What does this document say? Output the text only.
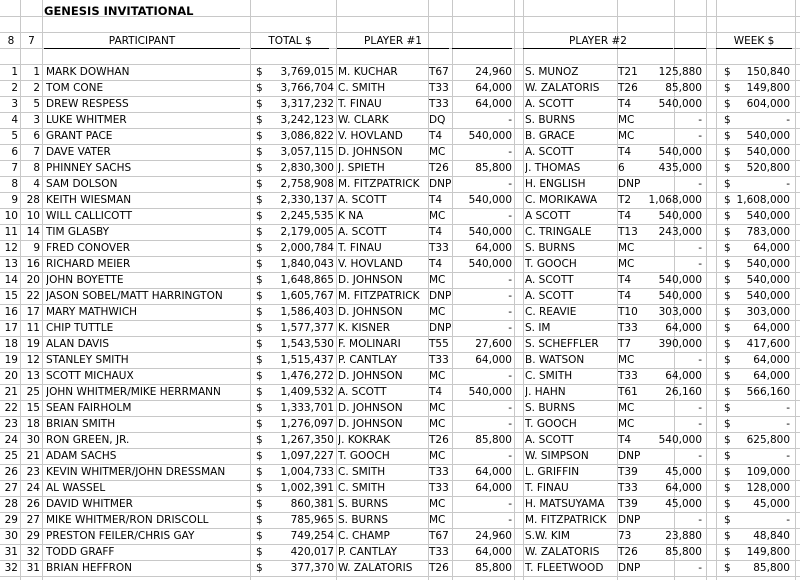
GENESIS INVITATIONAL
8	7	PARTICIPANT	TOTAL $	PLAYER #1	PLAYER #2	WEEK $
1	1 MARK DOWHAN	$	3,769,015 M. KUCHAR	T67	24,960 S. MUNOZ	T21	125,880 $	150,840
2	2 TOM CONE	$	3,766,704 C. SMITH	T33	64,000 W. ZALATORIS	T26	85,800 $	149,800
3	5 DREW RESPESS	$	3,317,232 T. FINAU	T33	64,000 A. SCOTT	T4	540,000 $	604,000
4	3 LUKE WHITMER	$	3,242,123 W. CLARK	DQ	- S. BURNS	MC	- $	-
5	6 GRANT PACE	$	3,086,822 V. HOVLAND	T4	540,000 B. GRACE	MC	- $	540,000
6	7 DAVE VATER	$	3,057,115 D. JOHNSON	MC	- A. SCOTT	T4	540,000 $	540,000
7	8 PHINNEY SACHS	$	2,830,300 J. SPIETH	T26	85,800 J. THOMAS	6	435,000 $	520,800
8	4 SAM DOLSON	$	2,758,908 M. FITZPATRICK DNP	- H. ENGLISH	DNP	- $	-
9 28 KEITH WIESMAN	$	2,330,137 A. SCOTT	T4	540,000 C. MORIKAWA	T2	1,068,000 $ 1,608,000
10 10 WILL CALLICOTT	$	2,245,535 K NA	MC	- A SCOTT	T4	540,000 $	540,000
11 14 TIM GLASBY	$	2,179,005 A. SCOTT	T4	540,000 C. TRINGALE	T13	243,000 $	783,000
12	9 FRED CONOVER	$	2,000,784 T. FINAU	T33	64,000 S. BURNS	MC	- $	64,000
13 16 RICHARD MEIER	$	1,840,043 V. HOVLAND	T4	540,000 T. GOOCH	MC	- $	540,000
14 20 JOHN BOYETTE	$	1,648,865 D. JOHNSON	MC	- A. SCOTT	T4	540,000 $	540,000
15 22 JASON SOBEL/MATT HARRINGTON	$	1,605,767 M. FITZPATRICK DNP	- A. SCOTT	T4	540,000 $	540,000
16 17 MARY MATHWICH	$	1,586,403 D. JOHNSON	MC	- C. REAVIE	T10	303,000 $	303,000
17 11 CHIP TUTTLE	$	1,577,377 K. KISNER	DNP	- S. IM	T33	64,000 $	64,000
18 19 ALAN DAVIS	$	1,543,530 F. MOLINARI	T55	27,600 S. SCHEFFLER	T7	390,000 $	417,600
19 12 STANLEY SMITH	$	1,515,437 P. CANTLAY	T33	64,000 B. WATSON	MC	- $	64,000
20 13 SCOTT MICHAUX	$	1,476,272 D. JOHNSON	MC	- C. SMITH	T33	64,000 $	64,000
21 25 JOHN WHITMER/MIKE HERRMANN	$	1,409,532 A. SCOTT	T4	540,000 J. HAHN	T61	26,160 $	566,160
22 15 SEAN FAIRHOLM	$	1,333,701 D. JOHNSON	MC	- S. BURNS	MC	- $	-
23 18 BRIAN SMITH	$	1,276,097 D. JOHNSON	MC	- T. GOOCH	MC	- $	-
24 30 RON GREEN, JR.	$	1,267,350 J. KOKRAK	T26	85,800 A. SCOTT	T4	540,000 $	625,800
25 21 ADAM SACHS	$	1,097,227 T. GOOCH	MC	- W. SIMPSON	DNP	- $	-
26 23 KEVIN WHITMER/JOHN DRESSMAN	$	1,004,733 C. SMITH	T33	64,000 L. GRIFFIN	T39	45,000 $	109,000
27 24 AL WASSEL	$	1,002,391 C. SMITH	T33	64,000 T. FINAU	T33	64,000 $	128,000
28 26 DAVID WHITMER	$	860,381 S. BURNS	MC	- H. MATSUYAMA	T39	45,000 $	45,000
29 27 MIKE WHITMER/RON DRISCOLL	$	785,965 S. BURNS	MC	- M. FITZPATRICK	DNP	- $	-
30 29 PRESTON FEILER/CHRIS GAY	$	749,254 C. CHAMP	T67	24,960 S.W. KIM	73	23,880 $	48,840
31 32 TODD GRAFF	$	420,017 P. CANTLAY	T33	64,000 W. ZALATORIS	T26	85,800 $	149,800
32 31 BRIAN HEFFRON	$	377,370 W. ZALATORIS	T26	85,800 T. FLEETWOOD	DNP	- $	85,800
